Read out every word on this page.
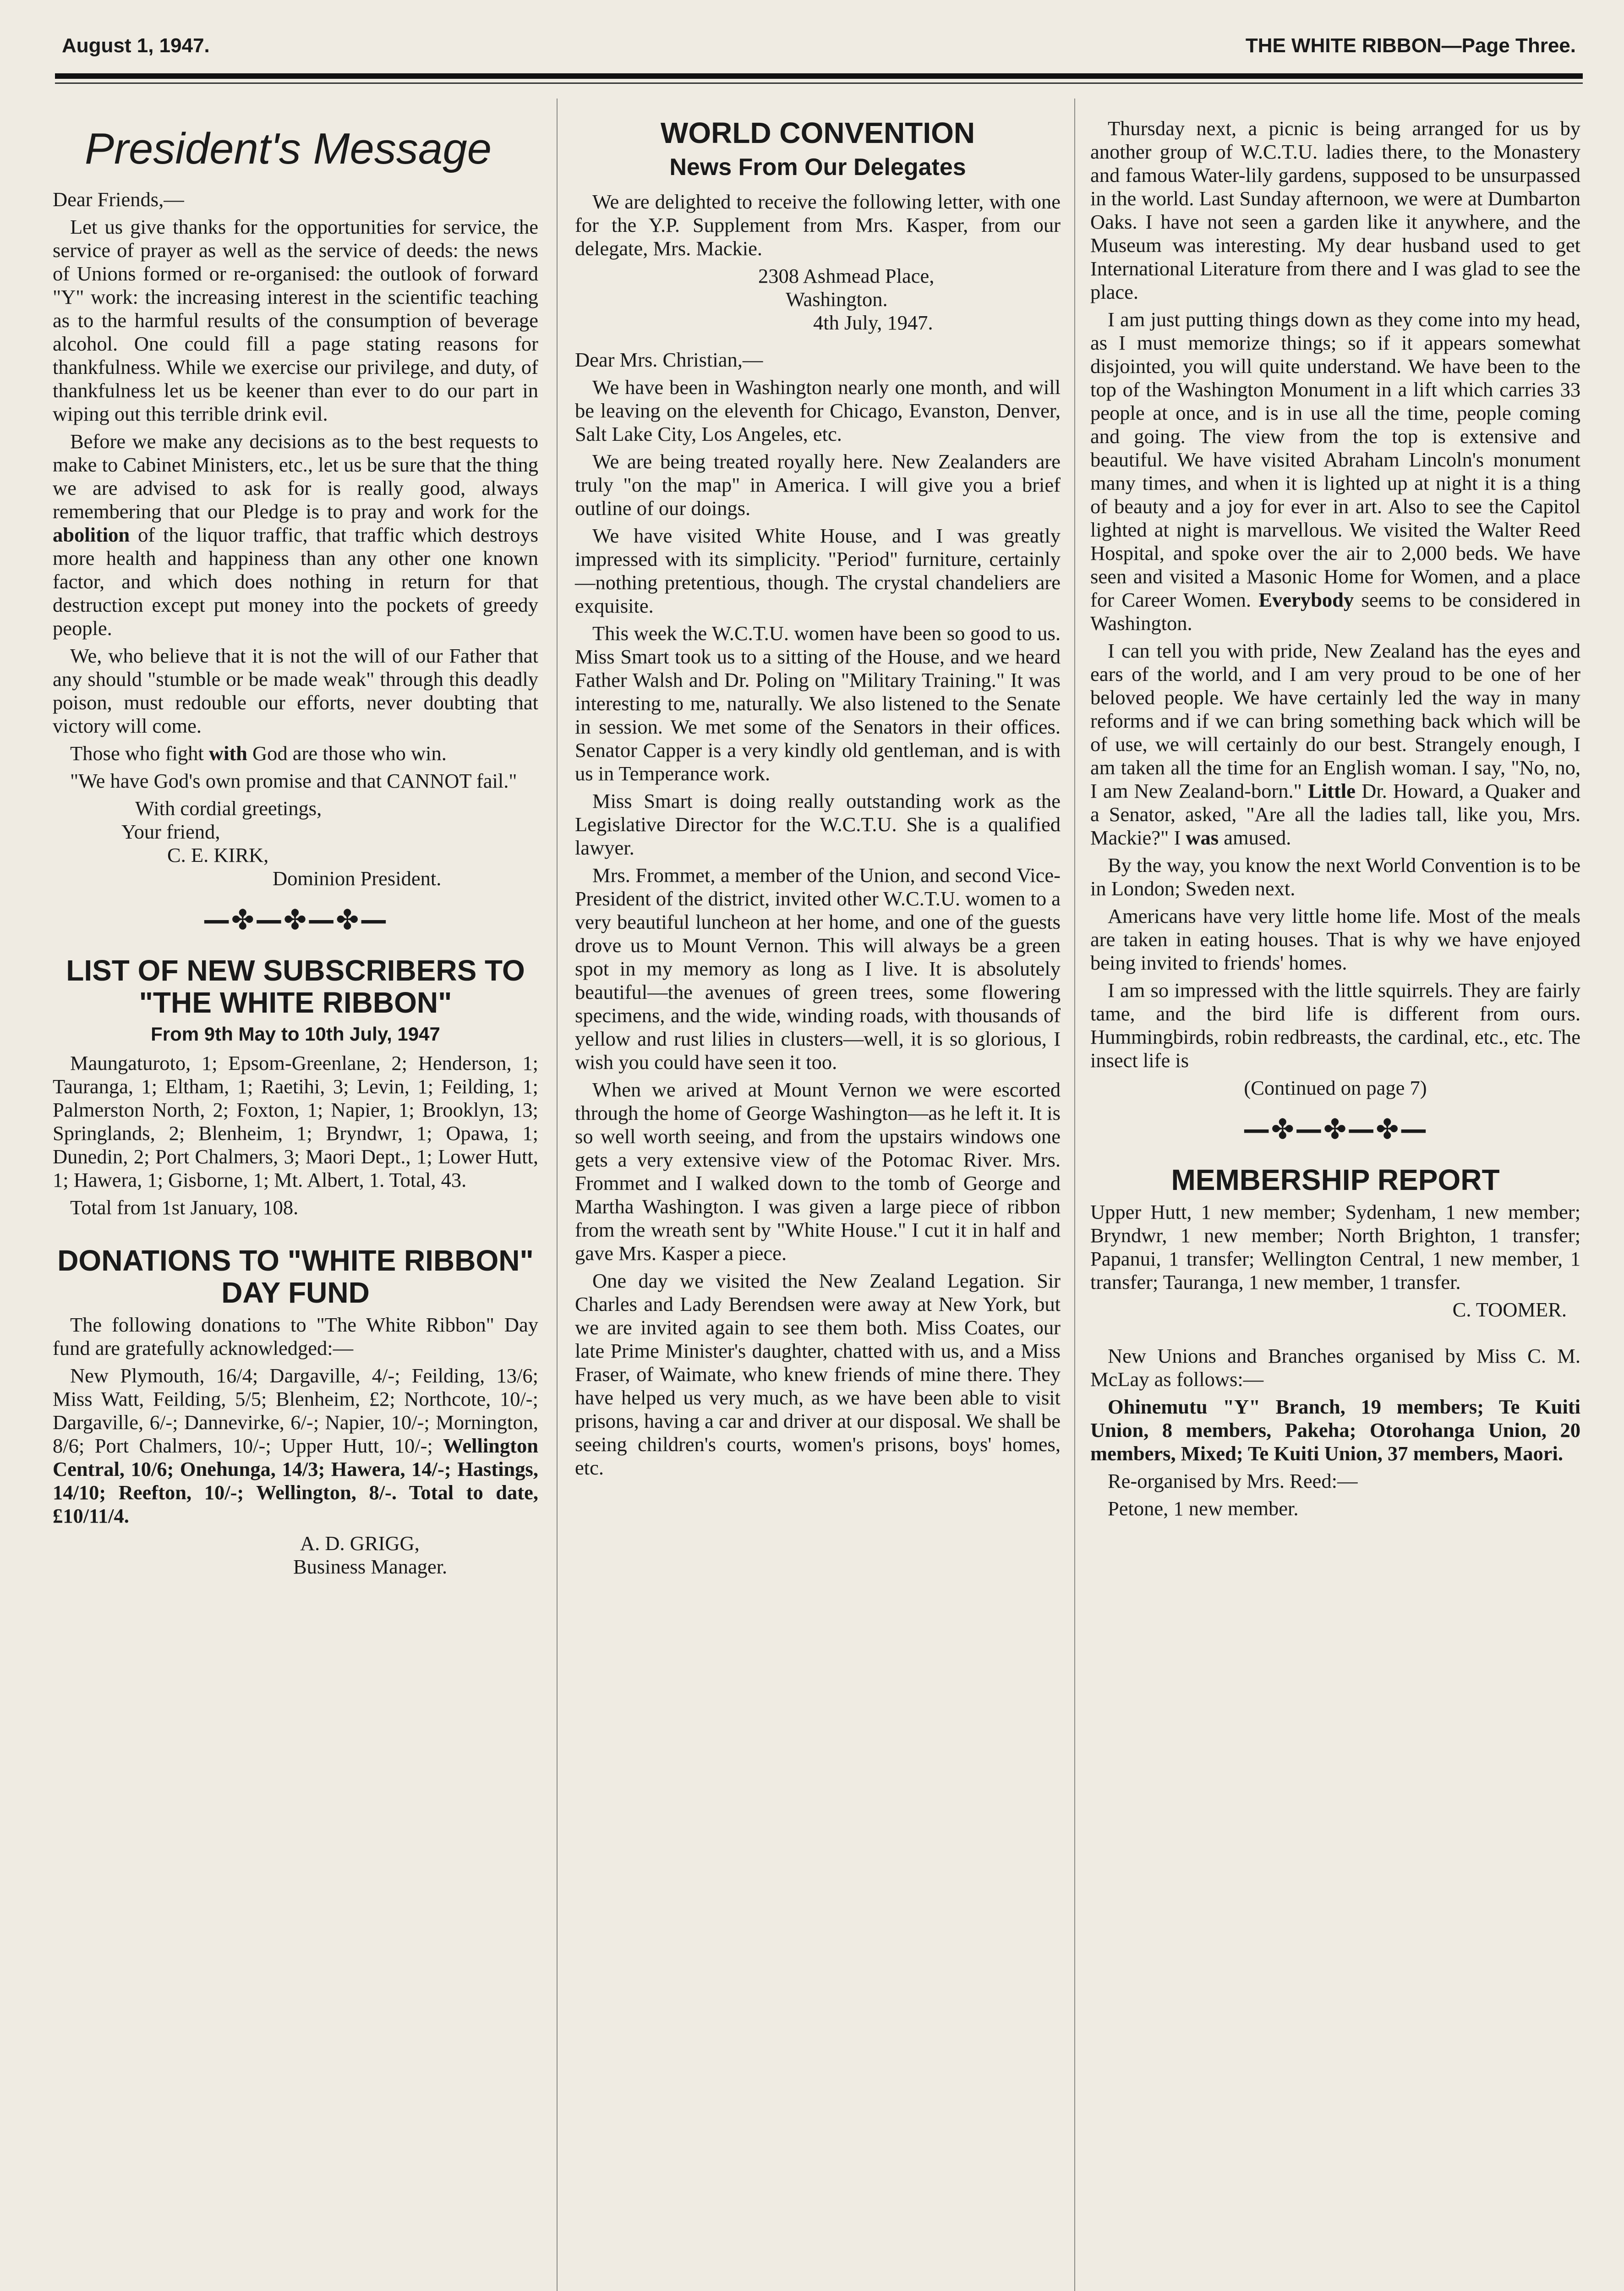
August 1, 1947.	THE WHITE RIBBON—Page Three.
President's Message

Dear Friends,—

Let us give thanks for the opportunities for service, the service of prayer as well as the service of deeds: the news of Unions formed or re-organised: the outlook of forward "Y" work: the increasing interest in the scientific teaching as to the harmful results of the consumption of beverage alcohol. One could fill a page stating reasons for thankfulness. While we exercise our privilege, and duty, of thankfulness let us be keener than ever to do our part in wiping out this terrible drink evil.

Before we make any decisions as to the best requests to make to Cabinet Ministers, etc., let us be sure that the thing we are advised to ask for is really good, always remembering that our Pledge is to pray and work for the abolition of the liquor traffic, that traffic which destroys more health and happiness than any other one known factor, and which does nothing in return for that destruction except put money into the pockets of greedy people.

We, who believe that it is not the will of our Father that any should "stumble or be made weak" through this deadly poison, must redouble our efforts, never doubting that victory will come.

Those who fight with God are those who win.

"We have God's own promise and that CANNOT fail."

With cordial greetings,

Your friend,

C. E. KIRK,

Dominion President.

—✤—✤—✤—
LIST OF NEW SUBSCRIBERS TO "THE WHITE RIBBON"
From 9th May to 10th July, 1947

Maungaturoto, 1; Epsom-Greenlane, 2; Henderson, 1; Tauranga, 1; Eltham, 1; Raetihi, 3; Levin, 1; Feilding, 1; Palmerston North, 2; Foxton, 1; Napier, 1; Brooklyn, 13; Springlands, 2; Blenheim, 1; Bryndwr, 1; Opawa, 1; Dunedin, 2; Port Chalmers, 3; Maori Dept., 1; Lower Hutt, 1; Hawera, 1; Gisborne, 1; Mt. Albert, 1. Total, 43.

Total from 1st January, 108.

DONATIONS TO "WHITE RIBBON" DAY FUND

The following donations to "The White Ribbon" Day fund are gratefully acknowledged:—

New Plymouth, 16/4; Dargaville, 4/-; Feilding, 13/6; Miss Watt, Feilding, 5/5; Blenheim, £2; Northcote, 10/-; Dargaville, 6/-; Dannevirke, 6/-; Napier, 10/-; Mornington, 8/6; Port Chalmers, 10/-; Upper Hutt, 10/-; Wellington Central, 10/6; Onehunga, 14/3; Hawera, 14/-; Hastings, 14/10; Reefton, 10/-; Wellington, 8/-. Total to date, £10/11/4.

A. D. GRIGG,

Business Manager.

WORLD CONVENTION
News From Our Delegates

We are delighted to receive the following letter, with one for the Y.P. Supplement from Mrs. Kasper, from our delegate, Mrs. Mackie.

2308 Ashmead Place,

Washington.

4th July, 1947.

Dear Mrs. Christian,—

We have been in Washington nearly one month, and will be leaving on the eleventh for Chicago, Evanston, Denver, Salt Lake City, Los Angeles, etc.

We are being treated royally here. New Zealanders are truly "on the map" in America. I will give you a brief outline of our doings.

We have visited White House, and I was greatly impressed with its simplicity. "Period" furniture, certainly—nothing pretentious, though. The crystal chandeliers are exquisite.

This week the W.C.T.U. women have been so good to us. Miss Smart took us to a sitting of the House, and we heard Father Walsh and Dr. Poling on "Military Training." It was interesting to me, naturally. We also listened to the Senate in session. We met some of the Senators in their offices. Senator Capper is a very kindly old gentleman, and is with us in Temperance work.

Miss Smart is doing really outstanding work as the Legislative Director for the W.C.T.U. She is a qualified lawyer.

Mrs. Frommet, a member of the Union, and second Vice-President of the district, invited other W.C.T.U. women to a very beautiful luncheon at her home, and one of the guests drove us to Mount Vernon. This will always be a green spot in my memory as long as I live. It is absolutely beautiful—the avenues of green trees, some flowering specimens, and the wide, winding roads, with thousands of yellow and rust lilies in clusters—well, it is so glorious, I wish you could have seen it too.

When we arived at Mount Vernon we were escorted through the home of George Washington—as he left it. It is so well worth seeing, and from the upstairs windows one gets a very extensive view of the Potomac River. Mrs. Frommet and I walked down to the tomb of George and Martha Washington. I was given a large piece of ribbon from the wreath sent by "White House." I cut it in half and gave Mrs. Kasper a piece.

One day we visited the New Zealand Legation. Sir Charles and Lady Berendsen were away at New York, but we are invited again to see them both. Miss Coates, our late Prime Minister's daughter, chatted with us, and a Miss Fraser, of Waimate, who knew friends of mine there. They have helped us very much, as we have been able to visit prisons, having a car and driver at our disposal. We shall be seeing children's courts, women's prisons, boys' homes, etc.

Thursday next, a picnic is being arranged for us by another group of W.C.T.U. ladies there, to the Monastery and famous Water-lily gardens, supposed to be unsurpassed in the world. Last Sunday afternoon, we were at Dumbarton Oaks. I have not seen a garden like it anywhere, and the Museum was interesting. My dear husband used to get International Literature from there and I was glad to see the place.

I am just putting things down as they come into my head, as I must memorize things; so if it appears somewhat disjointed, you will quite understand. We have been to the top of the Washington Monument in a lift which carries 33 people at once, and is in use all the time, people coming and going. The view from the top is extensive and beautiful. We have visited Abraham Lincoln's monument many times, and when it is lighted up at night it is a thing of beauty and a joy for ever in art. Also to see the Capitol lighted at night is marvellous. We visited the Walter Reed Hospital, and spoke over the air to 2,000 beds. We have seen and visited a Masonic Home for Women, and a place for Career Women. Everybody seems to be considered in Washington.

I can tell you with pride, New Zealand has the eyes and ears of the world, and I am very proud to be one of her beloved people. We have certainly led the way in many reforms and if we can bring something back which will be of use, we will certainly do our best. Strangely enough, I am taken all the time for an English woman. I say, "No, no, I am New Zealand-born." Little Dr. Howard, a Quaker and a Senator, asked, "Are all the ladies tall, like you, Mrs. Mackie?" I was amused.

By the way, you know the next World Convention is to be in London; Sweden next.

Americans have very little home life. Most of the meals are taken in eating houses. That is why we have enjoyed being invited to friends' homes.

I am so impressed with the little squirrels. They are fairly tame, and the bird life is different from ours. Hummingbirds, robin redbreasts, the cardinal, etc., etc. The insect life is

(Continued on page 7)

—✤—✤—✤—
MEMBERSHIP REPORT

Upper Hutt, 1 new member; Sydenham, 1 new member; Bryndwr, 1 new member; North Brighton, 1 transfer; Papanui, 1 transfer; Wellington Central, 1 new member, 1 transfer; Tauranga, 1 new member, 1 transfer.

C. TOOMER.

New Unions and Branches organised by Miss C. M. McLay as follows:—

Ohinemutu "Y" Branch, 19 members; Te Kuiti Union, 8 members, Pakeha; Otorohanga Union, 20 members, Mixed; Te Kuiti Union, 37 members, Maori.

Re-organised by Mrs. Reed:—

Petone, 1 new member.
